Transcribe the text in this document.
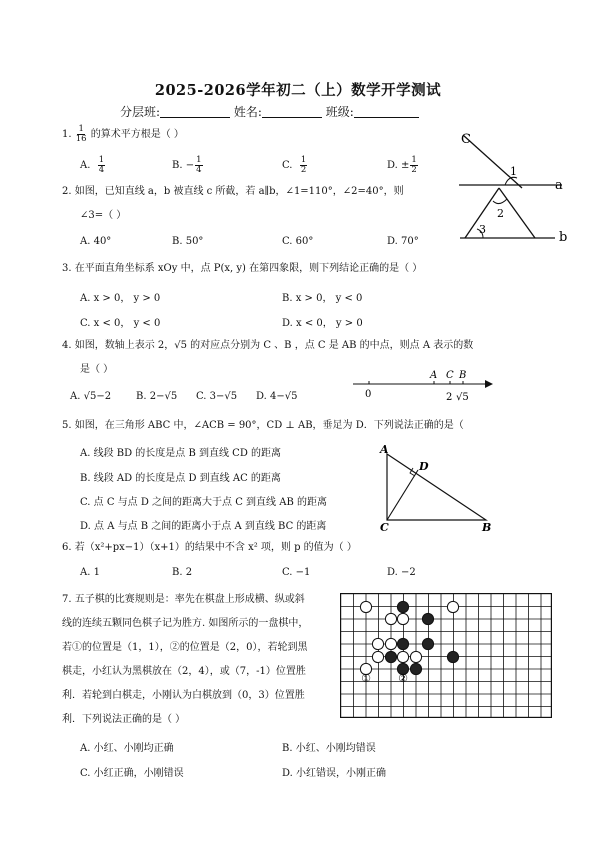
2025-2026学年初二（上）数学开学测试
分层班:	姓名:	班级:
1. $\frac{1}{16}$ 的算术平方根是（ ）
A. $\frac{1}{4}$	B. − $\frac{1}{4}$	C. $\frac{1}{2}$	D. ± $\frac{1}{2}$
2. 如图，已知直线 a，b 被直线 c 所截，若 a∥b，∠1=110°，∠2=40°，则
∠3=（ ）
A. 40°	B. 50°	C. 60°	D. 70°
C
a
b
1
2
3
3. 在平面直角坐标系 xOy 中，点 P(x, y) 在第四象限，则下列结论正确的是（ ）
A. x > 0， y > 0	B. x > 0， y < 0
C. x < 0， y < 0	D. x < 0， y > 0
4. 如图，数轴上表示 2，√5 的对应点分别为 C 、B ，点 C 是 AB 的中点，则点 A 表示的数
是（ ）
A. √5−2 B. 2−√5 C. 3−√5 D. 4−√5	0
A C B
2 √5
5. 如图，在三角形 ABC 中，∠ACB = 90°，CD ⊥ AB，垂足为 D．下列说法正确的是（
A. 线段 BD 的长度是点 B 到直线 CD 的距离
B. 线段 AD 的长度是点 D 到直线 AC 的距离
C. 点 C 与点 D 之间的距离大于点 C 到直线 AB 的距离
D. 点 A 与点 B 之间的距离小于点 A 到直线 BC 的距离
A
D
C	B
6. 若（x²+px−1）（x+1）的结果中不含 x² 项，则 p 的值为（ ）
A. 1	B. 2	C. −1	D. −2
7. 五子棋的比赛规则是：率先在棋盘上形成横、纵或斜
线的连续五颗同色棋子记为胜方. 如图所示的一盘棋中，
若①的位置是（1，1），②的位置是（2，0），若轮到黑
棋走，小红认为黑棋放在（2，4），或（7，-1）位置胜
利．若轮到白棋走，小刚认为白棋放到（0，3）位置胜
利．下列说法正确的是（ ）
A. 小红、小刚均正确	B. 小红、小刚均错误
C. 小红正确，小刚错误	D. 小红错误，小刚正确
① ②
